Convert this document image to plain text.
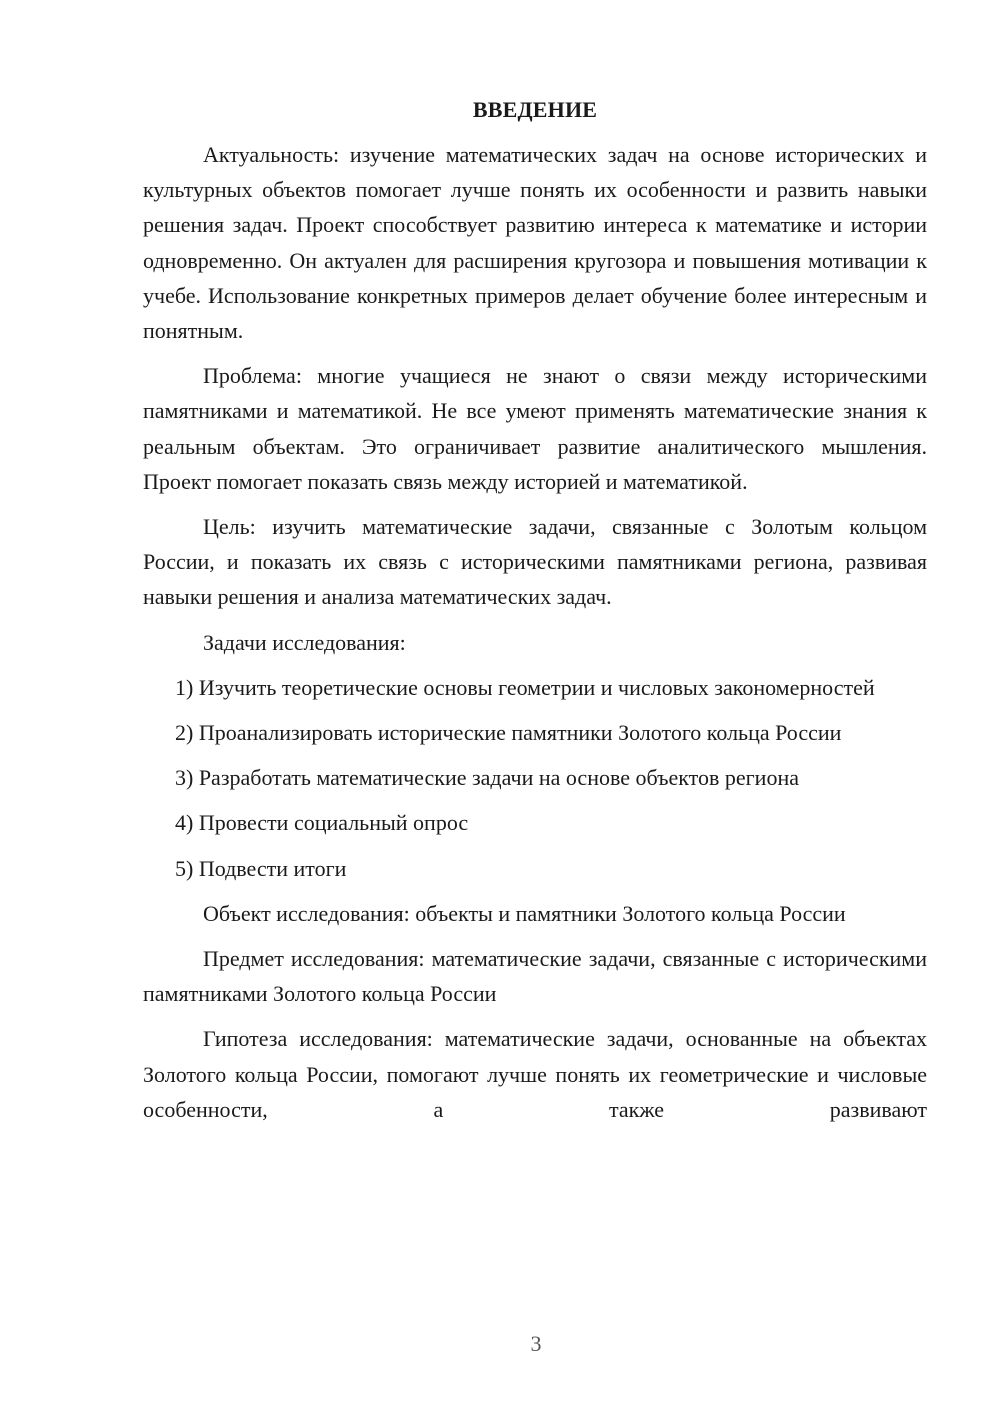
ВВЕДЕНИЕ

Актуальность: изучение математических задач на основе исторических и культурных объектов помогает лучше понять их особенности и развить навыки решения задач. Проект способствует развитию интереса к математике и истории одновременно. Он актуален для расширения кругозора и повышения мотивации к учебе. Использование конкретных примеров делает обучение более интересным и понятным.

Проблема: многие учащиеся не знают о связи между историческими памятниками и математикой. Не все умеют применять математические знания к реальным объектам. Это ограничивает развитие аналитического мышления. Проект помогает показать связь между историей и математикой.

Цель: изучить математические задачи, связанные с Золотым кольцом России, и показать их связь с историческими памятниками региона, развивая навыки решения и анализа математических задач.

Задачи исследования:

1) Изучить теоретические основы геометрии и числовых закономерностей

2) Проанализировать исторические памятники Золотого кольца России

3) Разработать математические задачи на основе объектов региона

4) Провести социальный опрос

5) Подвести итоги

Объект исследования: объекты и памятники Золотого кольца России

Предмет исследования: математические задачи, связанные с историческими памятниками Золотого кольца России

Гипотеза исследования: математические задачи, основанные на объектах Золотого кольца России, помогают лучше понять их геометрические и числовые особенности, а также развивают

3
